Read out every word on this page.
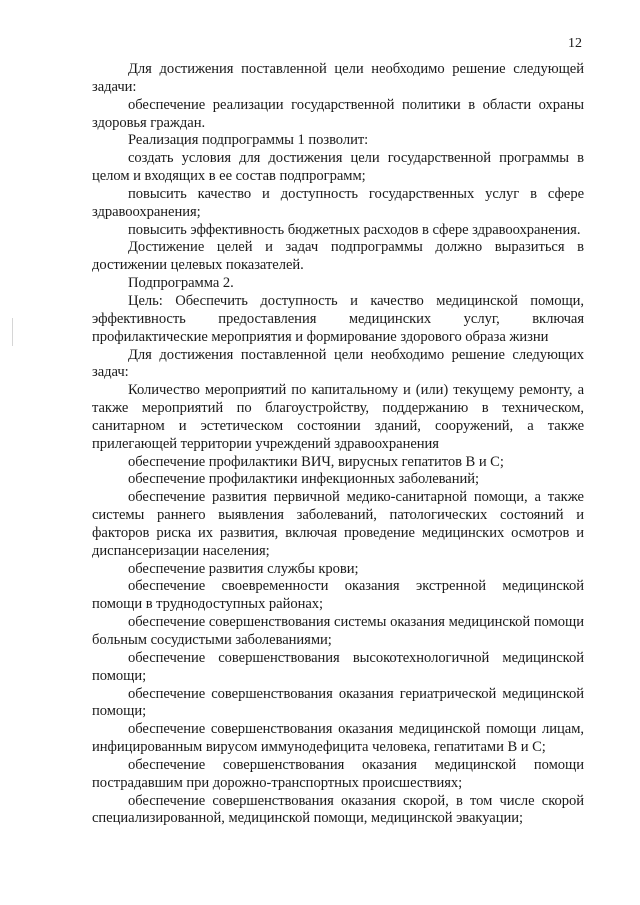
12

Для достижения поставленной цели необходимо решение следующей задачи:

обеспечение реализации государственной политики в области охраны здоровья граждан.

Реализация подпрограммы 1 позволит:

создать условия для достижения цели государственной программы в целом и входящих в ее состав подпрограмм;

повысить качество и доступность государственных услуг в сфере здравоохранения;

повысить эффективность бюджетных расходов в сфере здравоохранения.

Достижение целей и задач подпрограммы должно выразиться в достижении целевых показателей.

Подпрограмма 2.

Цель: Обеспечить доступность и качество медицинской помощи, эффективность предоставления медицинских услуг, включая профилактические мероприятия и формирование здорового образа жизни

Для достижения поставленной цели необходимо решение следующих задач:

Количество мероприятий по капитальному и (или) текущему ремонту, а также мероприятий по благоустройству, поддержанию в техническом, санитарном и эстетическом состоянии зданий, сооружений, а также прилегающей территории учреждений здравоохранения

обеспечение профилактики ВИЧ, вирусных гепатитов В и С;

обеспечение профилактики инфекционных заболеваний;

обеспечение развития первичной медико-санитарной помощи, а также системы раннего выявления заболеваний, патологических состояний и факторов риска их развития, включая проведение медицинских осмотров и диспансеризации населения;

обеспечение развития службы крови;

обеспечение своевременности оказания экстренной медицинской помощи в труднодоступных районах;

обеспечение совершенствования системы оказания медицинской помощи больным сосудистыми заболеваниями;

обеспечение совершенствования высокотехнологичной медицинской помощи;

обеспечение совершенствования оказания гериатрической медицинской помощи;

обеспечение совершенствования оказания медицинской помощи лицам, инфицированным вирусом иммунодефицита человека, гепатитами В и С;

обеспечение совершенствования оказания медицинской помощи пострадавшим при дорожно-транспортных происшествиях;

обеспечение совершенствования оказания скорой, в том числе скорой специализированной, медицинской помощи, медицинской эвакуации;
